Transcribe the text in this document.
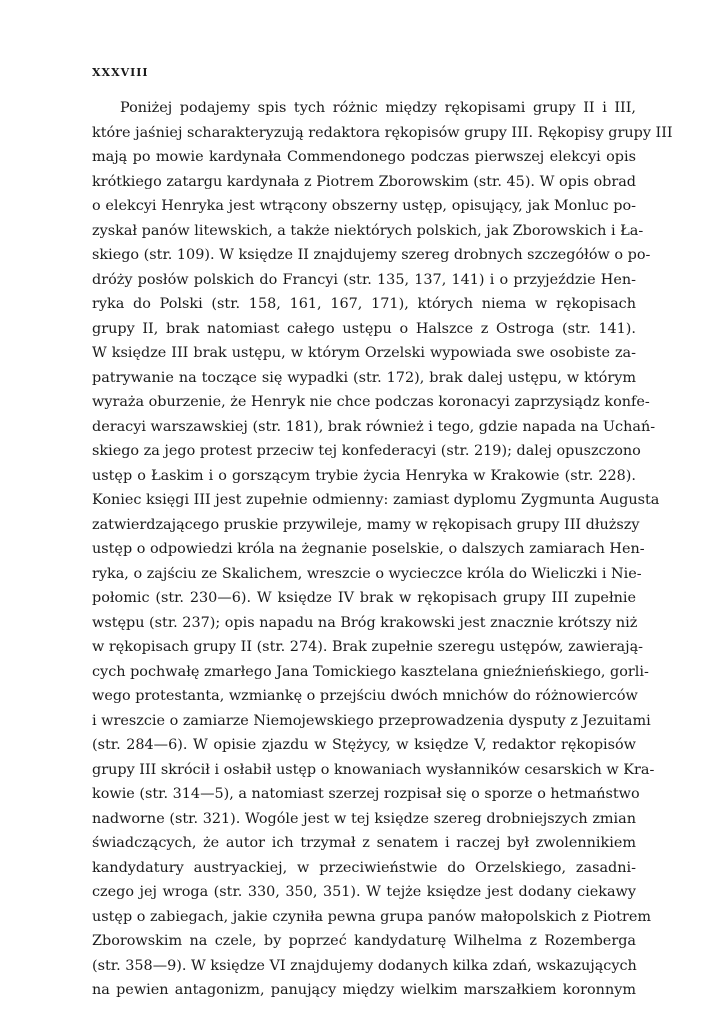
XXXVIII
Poniżej podajemy spis tych różnic między rękopisami grupy II i III,
które jaśniej scharakteryzują redaktora rękopisów grupy III. Rękopisy grupy III
mają po mowie kardynała Commendonego podczas pierwszej elekcyi opis
krótkiego zatargu kardynała z Piotrem Zborowskim (str. 45). W opis obrad
o elekcyi Henryka jest wtrącony obszerny ustęp, opisujący, jak Monluc po-
zyskał panów litewskich, a także niektórych polskich, jak Zborowskich i Ła-
skiego (str. 109). W księdze II znajdujemy szereg drobnych szczegółów o po-
dróży posłów polskich do Francyi (str. 135, 137, 141) i o przyjeździe Hen-
ryka do Polski (str. 158, 161, 167, 171), których niema w rękopisach
grupy II, brak natomiast całego ustępu o Halszce z Ostroga (str. 141).
W księdze III brak ustępu, w którym Orzelski wypowiada swe osobiste za-
patrywanie na toczące się wypadki (str. 172), brak dalej ustępu, w którym
wyraża oburzenie, że Henryk nie chce podczas koronacyi zaprzysiądz konfe-
deracyi warszawskiej (str. 181), brak również i tego, gdzie napada na Uchań-
skiego za jego protest przeciw tej konfederacyi (str. 219); dalej opuszczono
ustęp o Łaskim i o gorszącym trybie życia Henryka w Krakowie (str. 228).
Koniec księgi III jest zupełnie odmienny: zamiast dyplomu Zygmunta Augusta
zatwierdzającego pruskie przywileje, mamy w rękopisach grupy III dłuższy
ustęp o odpowiedzi króla na żegnanie poselskie, o dalszych zamiarach Hen-
ryka, o zajściu ze Skalichem, wreszcie o wycieczce króla do Wieliczki i Nie-
połomic (str. 230—6). W księdze IV brak w rękopisach grupy III zupełnie
wstępu (str. 237); opis napadu na Bróg krakowski jest znacznie krótszy niż
w rękopisach grupy II (str. 274). Brak zupełnie szeregu ustępów, zawierają-
cych pochwałę zmarłego Jana Tomickiego kasztelana gnieźnieńskiego, gorli-
wego protestanta, wzmiankę o przejściu dwóch mnichów do różnowierców
i wreszcie o zamiarze Niemojewskiego przeprowadzenia dysputy z Jezuitami
(str. 284—6). W opisie zjazdu w Stężycy, w księdze V, redaktor rękopisów
grupy III skrócił i osłabił ustęp o knowaniach wysłanników cesarskich w Kra-
kowie (str. 314—5), a natomiast szerzej rozpisał się o sporze o hetmaństwo
nadworne (str. 321). Wogóle jest w tej księdze szereg drobniejszych zmian
świadczących, że autor ich trzymał z senatem i raczej był zwolennikiem
kandydatury austryackiej, w przeciwieństwie do Orzelskiego, zasadni-
czego jej wroga (str. 330, 350, 351). W tejże księdze jest dodany ciekawy
ustęp o zabiegach, jakie czyniła pewna grupa panów małopolskich z Piotrem
Zborowskim na czele, by poprzeć kandydaturę Wilhelma z Rozemberga
(str. 358—9). W księdze VI znajdujemy dodanych kilka zdań, wskazujących
na pewien antagonizm, panujący między wielkim marszałkiem koronnym
